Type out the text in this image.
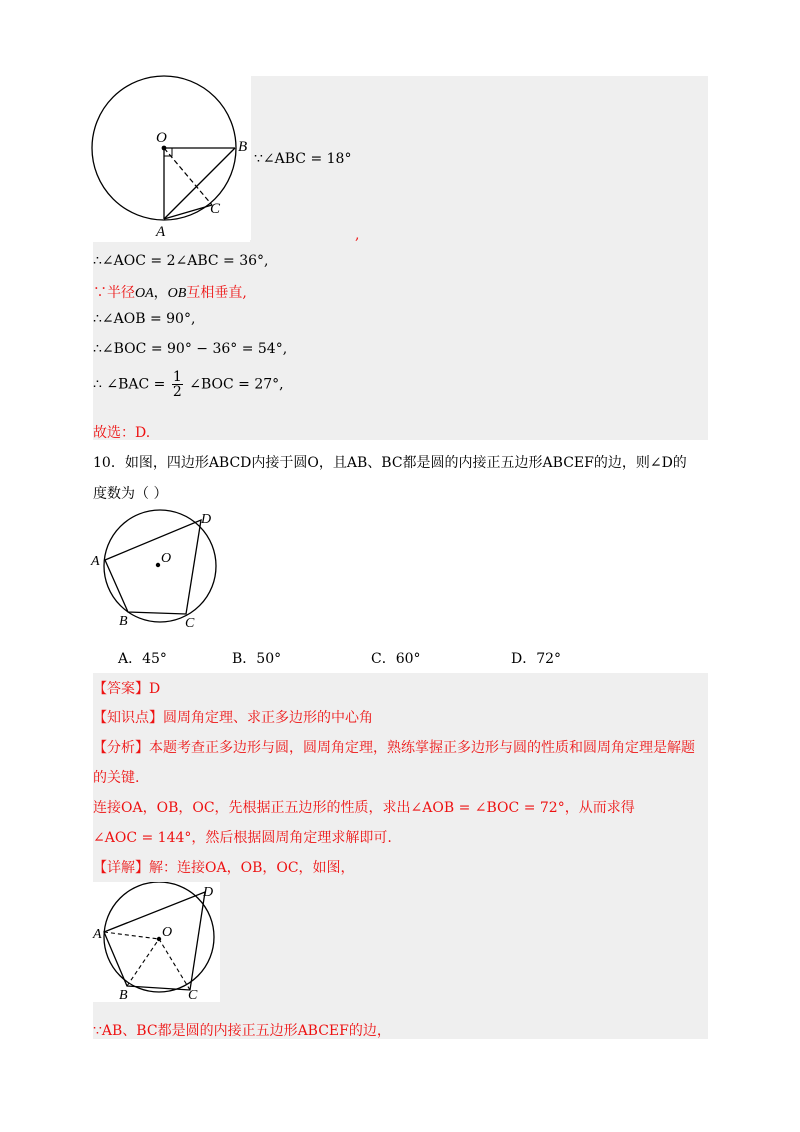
O
B
A
C
∵∠ABC = 18°
,
∴∠AOC = 2∠ABC = 36°,
∵半径OA，OB互相垂直,
∴∠AOB = 90°,
∴∠BOC = 90° − 36° = 54°,
∴ ∠BAC = $\frac{1}{2}$ ∠BOC = 27°,
故选：D.
10．如图，四边形ABCD内接于圆O，且AB、BC都是圆的内接正五边形ABCEF的边，则∠D的
度数为（ ）
A
B	C
D
O
A．45°	B．50°	C．60°	D．72°
【答案】D
【知识点】圆周角定理、求正多边形的中心角
【分析】本题考查正多边形与圆，圆周角定理，熟练掌握正多边形与圆的性质和圆周角定理是解题
的关键.
连接OA，OB，OC，先根据正五边形的性质，求出∠AOB = ∠BOC = 72°，从而求得
∠AOC = 144°，然后根据圆周角定理求解即可.
【详解】解：连接OA，OB，OC，如图，
A
B	C
D
O
∵AB、BC都是圆的内接正五边形ABCEF的边，
